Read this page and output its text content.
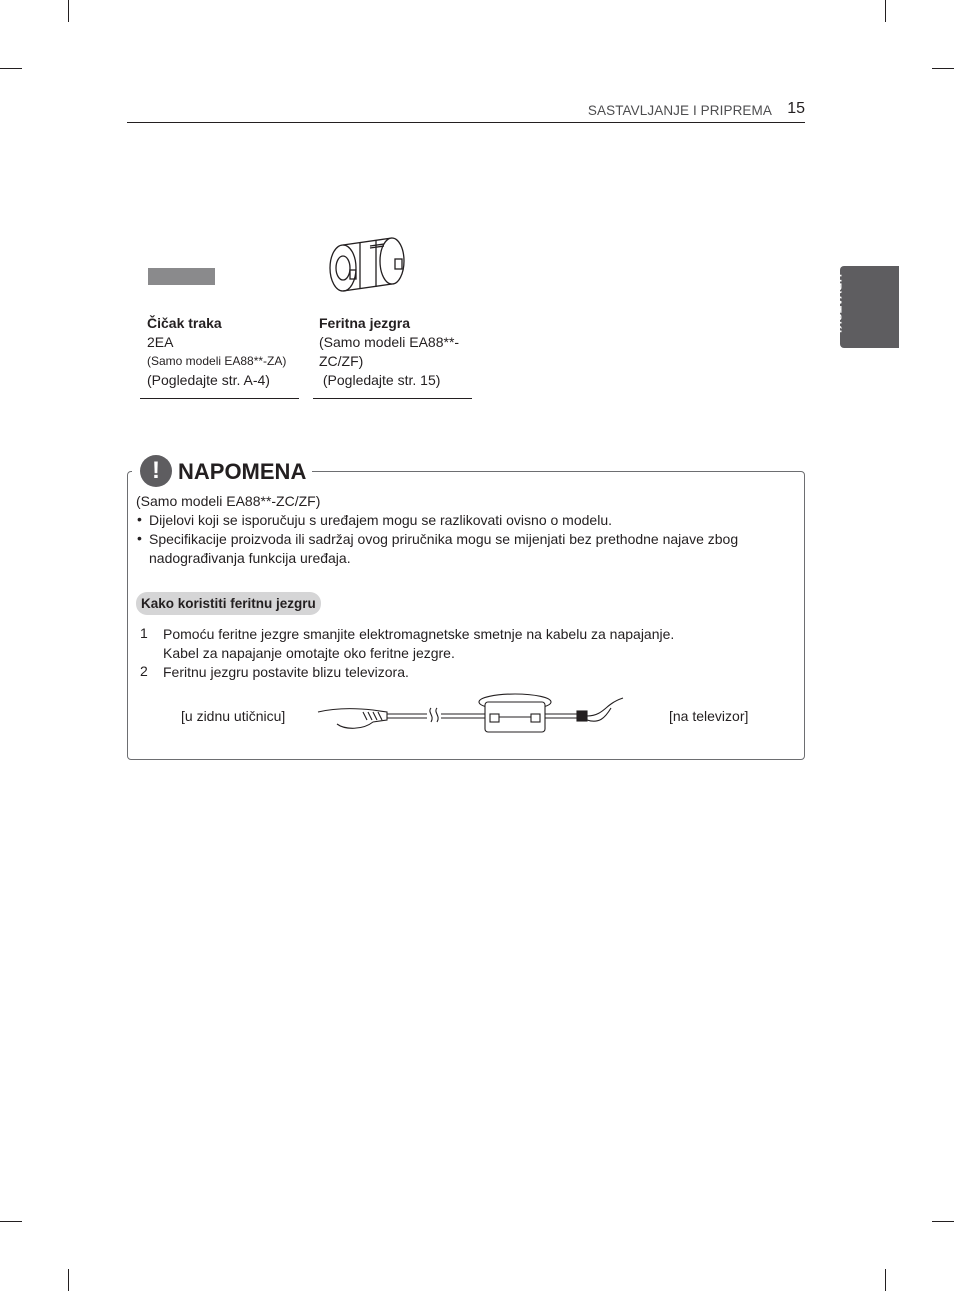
SASTAVLJANJE I PRIPREMA 15
HRVATSKI
Čičak traka
2EA
(Samo modeli EA88**-ZA)
(Pogledajte str. A-4)
Feritna jezgra
(Samo modeli EA88**-
ZC/ZF)
(Pogledajte str. 15)
! NAPOMENA
(Samo modeli EA88**-ZC/ZF)
• Dijelovi koji se isporučuju s uređajem mogu se razlikovati ovisno o modelu.
• Specifikacije proizvoda ili sadržaj ovog priručnika mogu se mijenjati bez prethodne najave zbog
nadograđivanja funkcija uređaja.
Kako koristiti feritnu jezgru
1 Pomoću feritne jezgre smanjite elektromagnetske smetnje na kabelu za napajanje.
Kabel za napajanje omotajte oko feritne jezgre.
2 Feritnu jezgru postavite blizu televizora.
[u zidnu utičnicu]	[na televizor]
